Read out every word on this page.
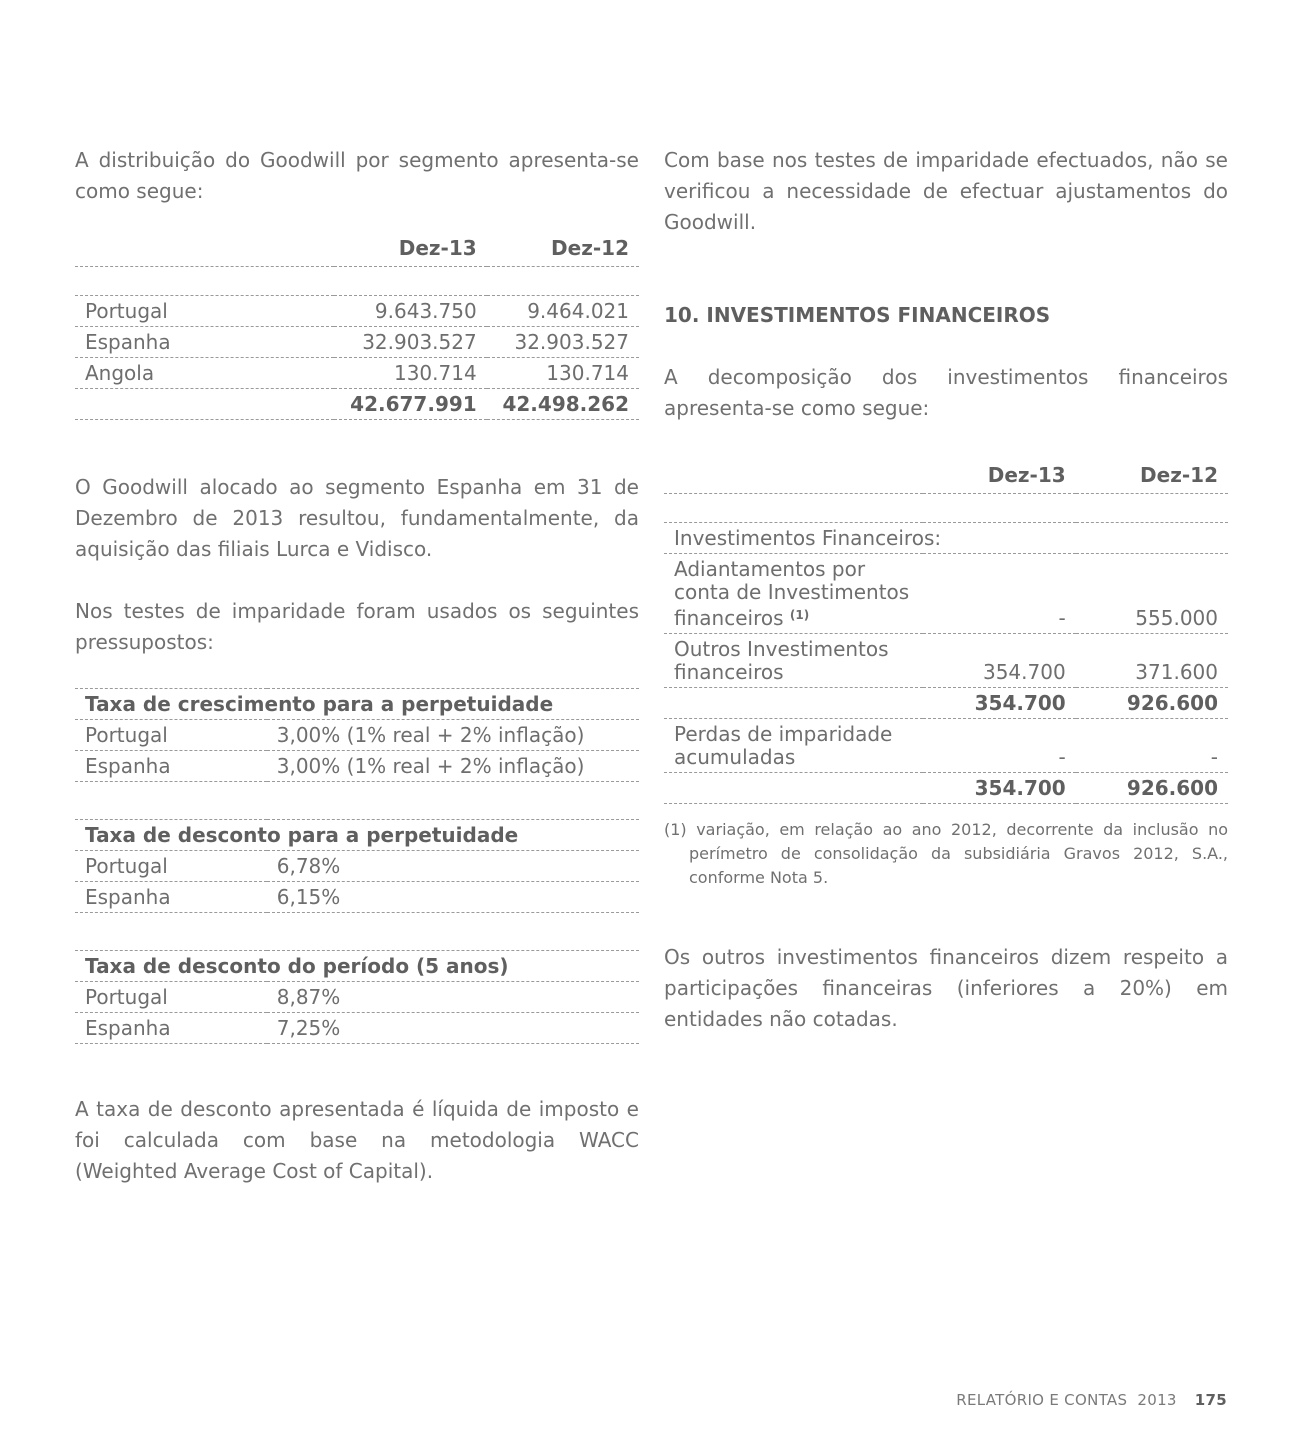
A distribuição do Goodwill por segmento apresenta-se como segue:

	Dez-13	Dez-12

Portugal	9.643.750	9.464.021
Espanha	32.903.527	32.903.527
Angola	130.714	130.714
	42.677.991	42.498.262

O Goodwill alocado ao segmento Espanha em 31 de Dezembro de 2013 resultou, fundamentalmente, da aquisição das filiais Lurca e Vidisco.

Nos testes de imparidade foram usados os seguintes pressupostos:

Taxa de crescimento para a perpetuidade	
Portugal	3,00% (1% real + 2% inflação)
Espanha	3,00% (1% real + 2% inflação)
Taxa de desconto para a perpetuidade	
Portugal	6,78%
Espanha	6,15%
Taxa de desconto do período (5 anos)	
Portugal	8,87%
Espanha	7,25%

A taxa de desconto apresentada é líquida de imposto e foi calculada com base na metodologia WACC (Weighted Average Cost of Capital).

Com base nos testes de imparidade efectuados, não se verificou a necessidade de efectuar ajustamentos do Goodwill.

10. INVESTIMENTOS FINANCEIROS

A decomposição dos investimentos financeiros apresenta-se como segue:

	Dez-13	Dez-12

Investimentos Financeiros:		
Adiantamentos por conta de Investimentos financeiros $^{(1)}$	-	555.000
Outros Investimentos financeiros	354.700	371.600
	354.700	926.600
Perdas de imparidade acumuladas	-	-
	354.700	926.600

(1) variação, em relação ao ano 2012, decorrente da inclusão no perímetro de consolidação da subsidiária Gravos 2012, S.A., conforme Nota 5.

Os outros investimentos financeiros dizem respeito a participações financeiras (inferiores a 20%) em entidades não cotadas.

RELATÓRIO E CONTAS  2013 175
